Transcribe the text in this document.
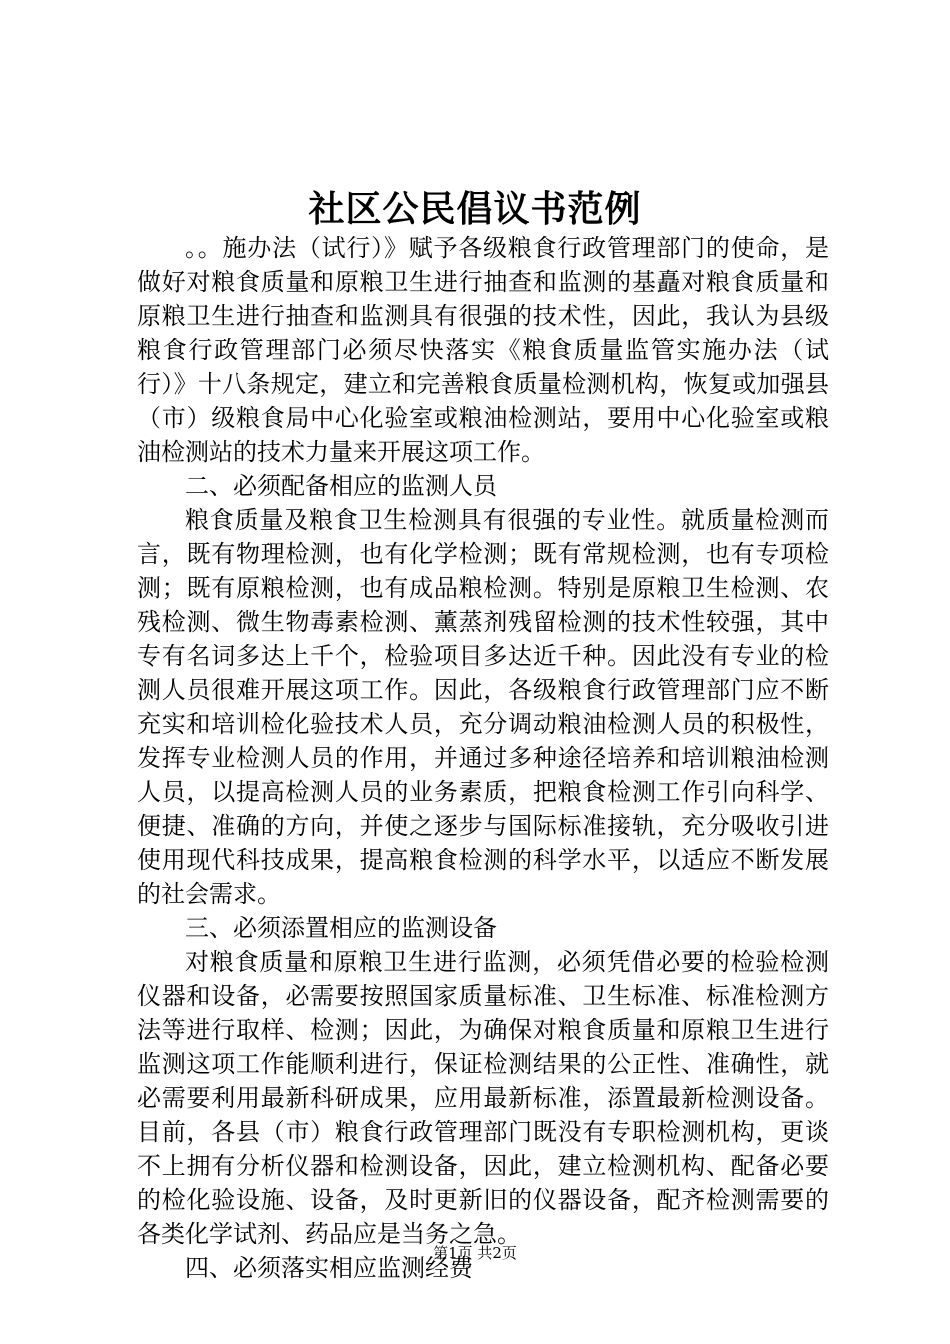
社区公民倡议书范例

。。施办法（试行）》赋予各级粮食行政管理部门的使命，是做好对粮食质量和原粮卫生进行抽查和监测的基矗对粮食质量和原粮卫生进行抽查和监测具有很强的技术性，因此，我认为县级粮食行政管理部门必须尽快落实《粮食质量监管实施办法（试行）》十八条规定，建立和完善粮食质量检测机构，恢复或加强县（市）级粮食局中心化验室或粮油检测站，要用中心化验室或粮油检测站的技术力量来开展这项工作。

二、必须配备相应的监测人员

粮食质量及粮食卫生检测具有很强的专业性。就质量检测而言，既有物理检测，也有化学检测；既有常规检测，也有专项检测；既有原粮检测，也有成品粮检测。特别是原粮卫生检测、农残检测、微生物毒素检测、薰蒸剂残留检测的技术性较强，其中专有名词多达上千个，检验项目多达近千种。因此没有专业的检测人员很难开展这项工作。因此，各级粮食行政管理部门应不断充实和培训检化验技术人员，充分调动粮油检测人员的积极性，发挥专业检测人员的作用，并通过多种途径培养和培训粮油检测人员，以提高检测人员的业务素质，把粮食检测工作引向科学、便捷、准确的方向，并使之逐步与国际标准接轨，充分吸收引进使用现代科技成果，提高粮食检测的科学水平，以适应不断发展的社会需求。

三、必须添置相应的监测设备

对粮食质量和原粮卫生进行监测，必须凭借必要的检验检测仪器和设备，必需要按照国家质量标准、卫生标准、标准检测方法等进行取样、检测；因此，为确保对粮食质量和原粮卫生进行监测这项工作能顺利进行，保证检测结果的公正性、准确性，就必需要利用最新科研成果，应用最新标准，添置最新检测设备。目前，各县（市）粮食行政管理部门既没有专职检测机构，更谈不上拥有分析仪器和检测设备，因此，建立检测机构、配备必要的检化验设施、设备，及时更新旧的仪器设备，配齐检测需要的各类化学试剂、药品应是当务之急。

四、必须落实相应监测经费

第1页 共2页
